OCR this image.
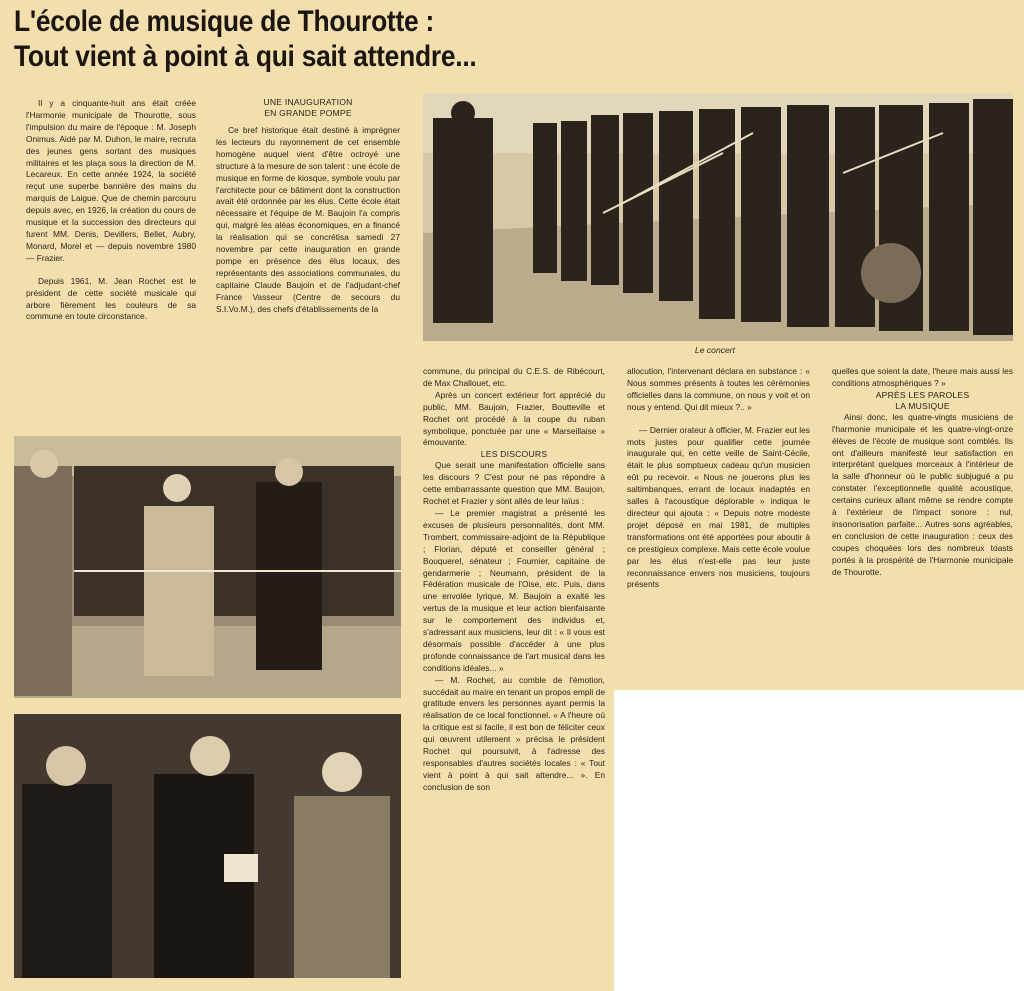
L'école de musique de Thourotte :
Tout vient à point à qui sait attendre...

Il y a cinquante-huit ans était créée l'Harmonie municipale de Thourotte, sous l'impulsion du maire de l'époque : M. Joseph Onimus. Aidé par M. Duhon, le maire, recruta des jeunes gens sortant des musiques militaires et les plaça sous la direction de M. Lecareux. En cette année 1924, la société reçut une superbe bannière des mains du marquis de Laigue. Que de chemin parcouru depuis avec, en 1926, la création du cours de musique et la succession des directeurs qui furent MM. Denis, Devillers, Bellet, Aubry, Monard, Morel et — depuis novembre 1980 — Frazier.

Depuis 1961, M. Jean Rochet est le président de cette société musicale qui arbore fièrement les couleurs de sa commune en toute circonstance.

UNE INAUGURATION
EN GRANDE POMPE

Ce bref historique était destiné à imprégner les lecteurs du rayonnement de cet ensemble homogène auquel vient d'être octroyé une structure à la mesure de son talent : une école de musique en forme de kiosque, symbole voulu par l'architecte pour ce bâtiment dont la construction avait été ordonnée par les élus. Cette école était nécessaire et l'équipe de M. Baujoin l'a compris qui, malgré les aléas économiques, en a financé la réalisation qui se concrétisa samedi 27 novembre par cette inauguration en grande pompe en présence des élus locaux, des représentants des associations communales, du capitaine Claude Baujoin et de l'adjudant-chef France Vasseur (Centre de secours du S.I.Vo.M.), des chefs d'établissements de la

Le concert

commune, du principal du C.E.S. de Ribécourt, de Max Challouet, etc.

Après un concert extérieur fort apprécié du public, MM. Baujoin, Frazier, Boutteville et Rochet ont procédé à la coupe du ruban symbolique, ponctuée par une « Marseillaise » émouvante.

LES DISCOURS

Que serait une manifestation officielle sans les discours ? C'est pour ne pas répondre à cette embarrassante question que MM. Baujoin, Rochet et Frazier y sont allés de leur laïus :

— Le premier magistrat a présenté les excuses de plusieurs personnalités, dont MM. Trombert, commissaire-adjoint de la République ; Florian, député et conseiller général ; Bouquerel, sénateur ; Fournier, capitaine de gendarmerie ; Neumann, président de la Fédération musicale de l'Oise, etc. Puis, dans une envolée lyrique, M. Baujoin a exalté les vertus de la musique et leur action bienfaisante sur le comportement des individus et, s'adressant aux musiciens, leur dit : « Il vous est désormais possible d'accéder à une plus profonde connaissance de l'art musical dans les conditions idéales... »

— M. Rochet, au comble de l'émotion, succédait au maire en tenant un propos empli de gratitude envers les personnes ayant permis la réalisation de ce local fonctionnel. « A l'heure où la critique est si facile, il est bon de féliciter ceux qui œuvrent utilement » précisa le président Rochet qui poursuivit, à l'adresse des responsables d'autres sociétés locales : « Tout vient à point à qui sait attendre... ». En conclusion de son

allocution, l'intervenant déclara en substance : « Nous sommes présents à toutes les cérémonies officielles dans la commune, on nous y voit et on nous y entend. Qui dit mieux ?.. »

— Dernier orateur à officier, M. Frazier eut les mots justes pour qualifier cette journée inaugurale qui, en cette veille de Saint-Cécile, était le plus somptueux cadeau qu'un musicien eût pu recevoir. « Nous ne jouerons plus les saltimbanques, errant de locaux inadaptés en salles à l'acoustique déplorable » indiqua le directeur qui ajouta : « Depuis notre modeste projet déposé en mai 1981, de multiples transformations ont été apportées pour aboutir à ce prestigieux complexe. Mais cette école voulue par les élus n'est-elle pas leur juste reconnaissance envers nos musiciens, toujours présents

quelles que soient la date, l'heure mais aussi les conditions atmosphériques ? »

APRÈS LES PAROLES
LA MUSIQUE

Ainsi donc, les quatre-vingts musiciens de l'harmonie municipale et les quatre-vingt-onze élèves de l'école de musique sont comblés. Ils ont d'ailleurs manifesté leur satisfaction en interprétant quelques morceaux à l'intérieur de la salle d'honneur où le public subjugué a pu constater l'exceptionnelle qualité acoustique, certains curieux allant même se rendre compte à l'extérieur de l'impact sonore : nul, insonorisation parfaite... Autres sons agréables, en conclusion de cette inauguration : ceux des coupes choquées lors des nombreux toasts portés à la prospérité de l'Harmonie municipale de Thourotte.
